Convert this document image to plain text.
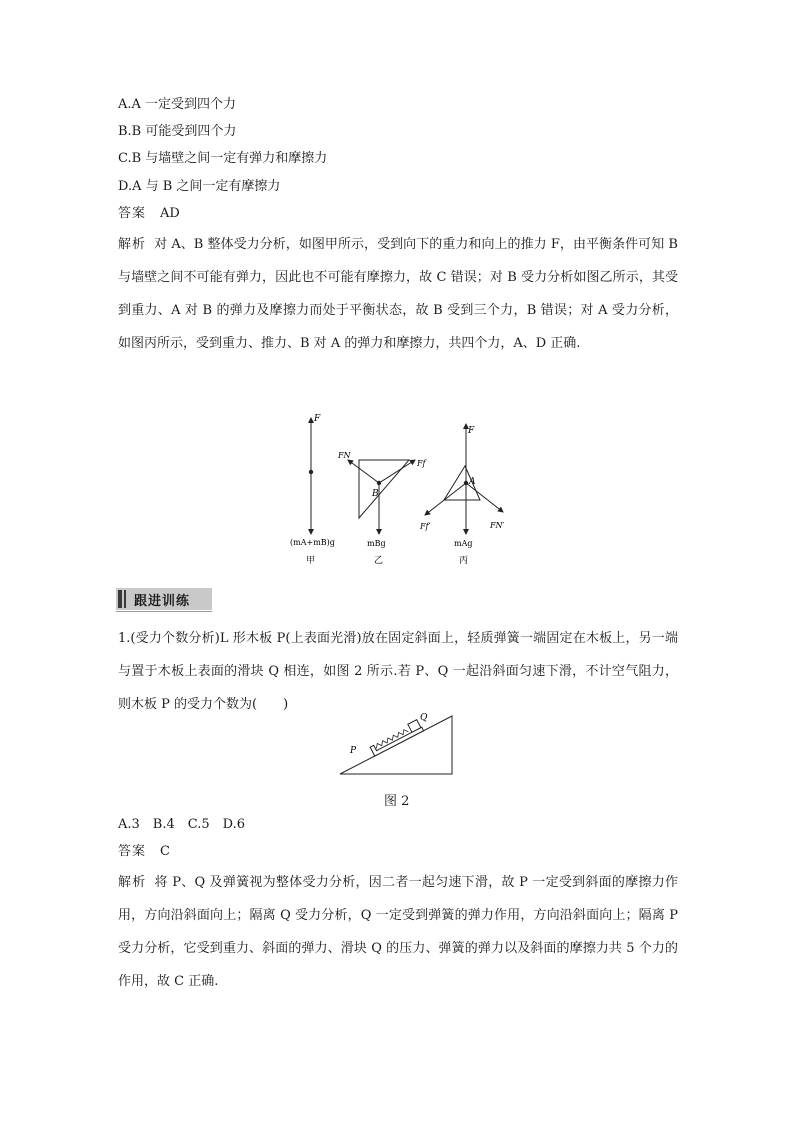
A.A 一定受到四个力
B.B 可能受到四个力
C.B 与墙壁之间一定有弹力和摩擦力
D.A 与 B 之间一定有摩擦力
答案 AD
解析 对 A、B 整体受力分析，如图甲所示，受到向下的重力和向上的推力 F，由平衡条件可知 B 与墙壁之间不可能有弹力，因此也不可能有摩擦力，故 C 错误；对 B 受力分析如图乙所示，其受到重力、A 对 B 的弹力及摩擦力而处于平衡状态，故 B 受到三个力，B 错误；对 A 受力分析，如图丙所示，受到重力、推力、B 对 A 的弹力和摩擦力，共四个力，A、D 正确.
F
(mA+mB)g
甲
FN
Ff
B
mBg
乙
F
A
Ff′	FN′
mAg
丙
跟进训练
1.(受力个数分析)L 形木板 P(上表面光滑)放在固定斜面上，轻质弹簧一端固定在木板上，另一端与置于木板上表面的滑块 Q 相连，如图 2 所示.若 P、Q 一起沿斜面匀速下滑，不计空气阻力，则木板 P 的受力个数为(　　)
P
Q
图 2
A.3　B.4　C.5　D.6
答案 C
解析 将 P、Q 及弹簧视为整体受力分析，因二者一起匀速下滑，故 P 一定受到斜面的摩擦力作用，方向沿斜面向上；隔离 Q 受力分析，Q 一定受到弹簧的弹力作用，方向沿斜面向上；隔离 P 受力分析，它受到重力、斜面的弹力、滑块 Q 的压力、弹簧的弹力以及斜面的摩擦力共 5 个力的作用，故 C 正确.
